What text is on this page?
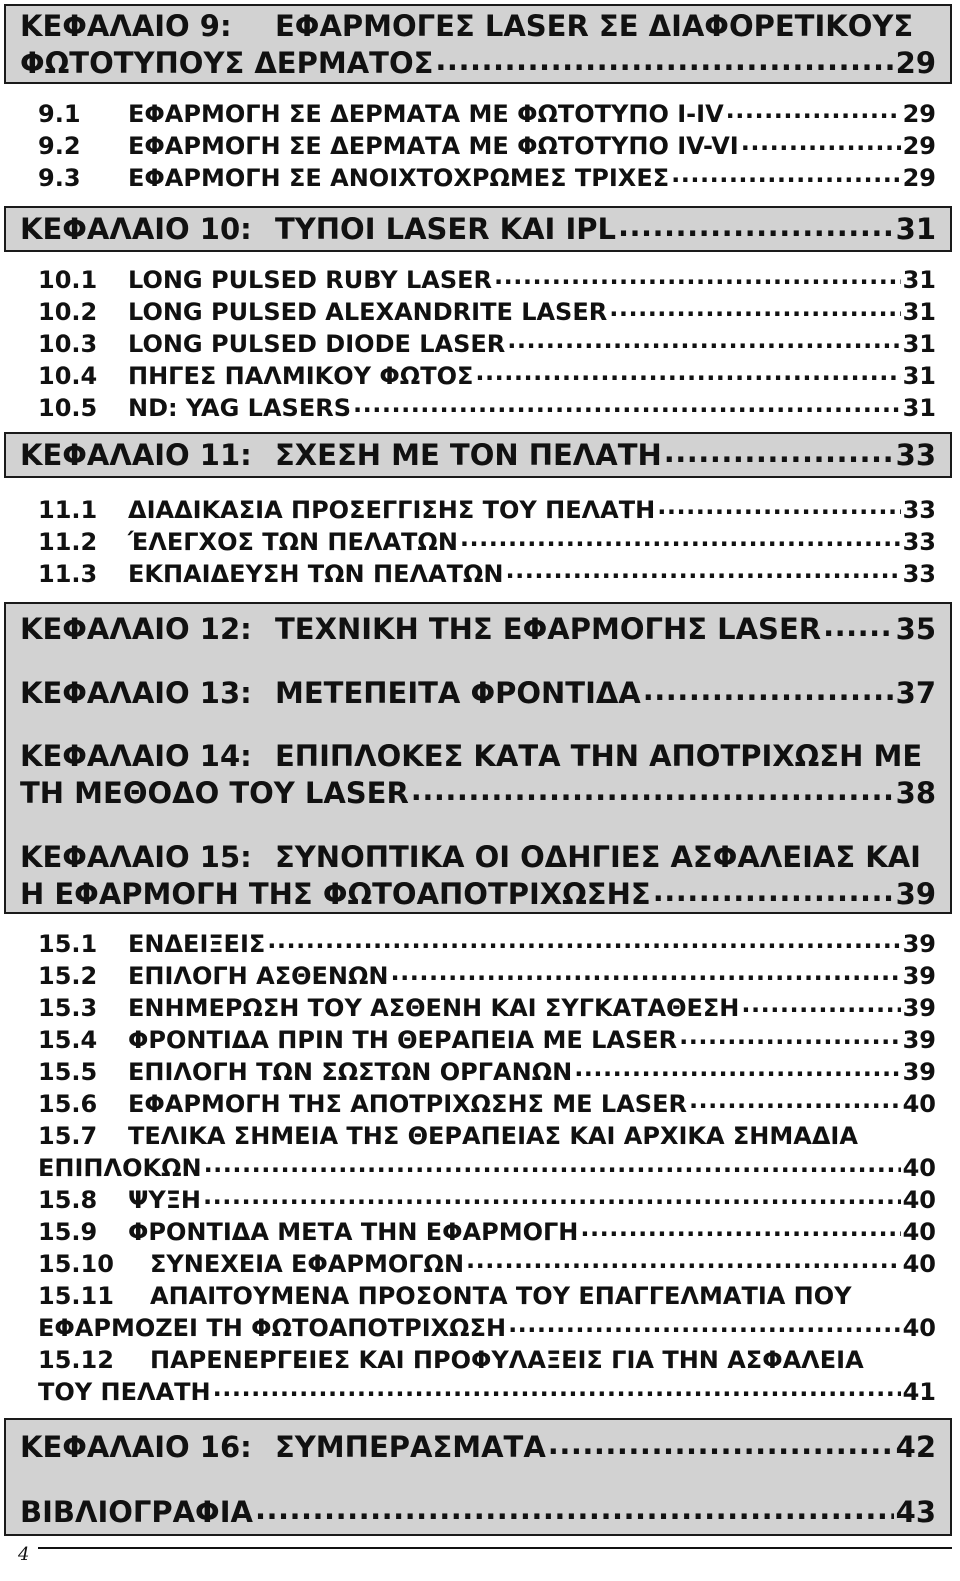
ΚΕΦΑΛΑΙΟ 9: ΕΦΑΡΜΟΓΕΣ LASER ΣΕ ΔΙΑΦΟΡΕΤΙΚΟΥΣ
ΦΩΤΟΤΥΠΟΥΣ ΔΕΡΜΑΤΟΣ .....	29
9.1 ΕΦΑΡΜΟΓΗ ΣΕ ΔΕΡΜΑΤΑ ΜΕ ΦΩΤΟΤΥΠΟ I-IV .....	29
9.2 ΕΦΑΡΜΟΓΗ ΣΕ ΔΕΡΜΑΤΑ ΜΕ ΦΩΤΟΤΥΠΟ IV-VI .....	29
9.3 ΕΦΑΡΜΟΓΗ ΣΕ ΑΝΟΙΧΤΟΧΡΩΜΕΣ ΤΡΙΧΕΣ .....	29
ΚΕΦΑΛΑΙΟ 10: ΤΥΠΟΙ LASER ΚΑΙ IPL .....	31
10.1 LONG PULSED RUBY LASER .....	31
10.2 LONG PULSED ALEXANDRITE LASER .....	31
10.3 LONG PULSED DIODE LASER .....	31
10.4 ΠΗΓΕΣ ΠΑΛΜΙΚΟΥ ΦΩΤΟΣ .....	31
10.5 ND: YAG LASERS .....	31
ΚΕΦΑΛΑΙΟ 11: ΣΧΕΣΗ ΜΕ ΤΟΝ ΠΕΛΑΤΗ .....	33
11.1 ΔΙΑΔΙΚΑΣΙΑ ΠΡΟΣΕΓΓΙΣΗΣ ΤΟΥ ΠΕΛΑΤΗ .....	33
11.2 ΈΛΕΓΧΟΣ ΤΩΝ ΠΕΛΑΤΩΝ .....	33
11.3 ΕΚΠΑΙΔΕΥΣΗ ΤΩΝ ΠΕΛΑΤΩΝ .....	33
ΚΕΦΑΛΑΙΟ 12: ΤΕΧΝΙΚΗ ΤΗΣ ΕΦΑΡΜΟΓΗΣ LASER .....	35
ΚΕΦΑΛΑΙΟ 13: ΜΕΤΕΠΕΙΤΑ ΦΡΟΝΤΙΔΑ .....	37
ΚΕΦΑΛΑΙΟ 14: ΕΠΙΠΛΟΚΕΣ ΚΑΤΑ ΤΗΝ ΑΠΟΤΡΙΧΩΣΗ ΜΕ
ΤΗ ΜΕΘΟΔΟ ΤΟΥ LASER .....	38
ΚΕΦΑΛΑΙΟ 15: ΣΥΝΟΠΤΙΚΑ ΟΙ ΟΔΗΓΙΕΣ ΑΣΦΑΛΕΙΑΣ ΚΑΙ
Η ΕΦΑΡΜΟΓΗ ΤΗΣ ΦΩΤΟΑΠΟΤΡΙΧΩΣΗΣ .....	39
15.1 ΕΝΔΕΙΞΕΙΣ .....	39
15.2 ΕΠΙΛΟΓΗ ΑΣΘΕΝΩΝ .....	39
15.3 ΕΝΗΜΕΡΩΣΗ ΤΟΥ ΑΣΘΕΝΗ ΚΑΙ ΣΥΓΚΑΤΑΘΕΣΗ .....	39
15.4 ΦΡΟΝΤΙΔΑ ΠΡΙΝ ΤΗ ΘΕΡΑΠΕΙΑ ΜΕ LASER .....	39
15.5 ΕΠΙΛΟΓΗ ΤΩΝ ΣΩΣΤΩΝ ΟΡΓΑΝΩΝ .....	39
15.6 ΕΦΑΡΜΟΓΗ ΤΗΣ ΑΠΟΤΡΙΧΩΣΗΣ ΜΕ LASER .....	40
15.7 ΤΕΛΙΚΑ ΣΗΜΕΙΑ ΤΗΣ ΘΕΡΑΠΕΙΑΣ ΚΑΙ ΑΡΧΙΚΑ ΣΗΜΑΔΙΑ
ΕΠΙΠΛΟΚΩΝ .....	40
15.8 ΨΥΞΗ .....	40
15.9 ΦΡΟΝΤΙΔΑ ΜΕΤΑ ΤΗΝ ΕΦΑΡΜΟΓΗ .....	40
15.10 ΣΥΝΕΧΕΙΑ ΕΦΑΡΜΟΓΩΝ .....	40
15.11 ΑΠΑΙΤΟΥΜΕΝΑ ΠΡΟΣΟΝΤΑ ΤΟΥ ΕΠΑΓΓΕΛΜΑΤΙΑ ΠΟΥ
ΕΦΑΡΜΟΖΕΙ ΤΗ ΦΩΤΟΑΠΟΤΡΙΧΩΣΗ .....	40
15.12 ΠΑΡΕΝΕΡΓΕΙΕΣ ΚΑΙ ΠΡΟΦΥΛΑΞΕΙΣ ΓΙΑ ΤΗΝ ΑΣΦΑΛΕΙΑ
ΤΟΥ ΠΕΛΑΤΗ .....	41
ΚΕΦΑΛΑΙΟ 16: ΣΥΜΠΕΡΑΣΜΑΤΑ .....	42
ΒΙΒΛΙΟΓΡΑΦΙΑ .....	43
4
